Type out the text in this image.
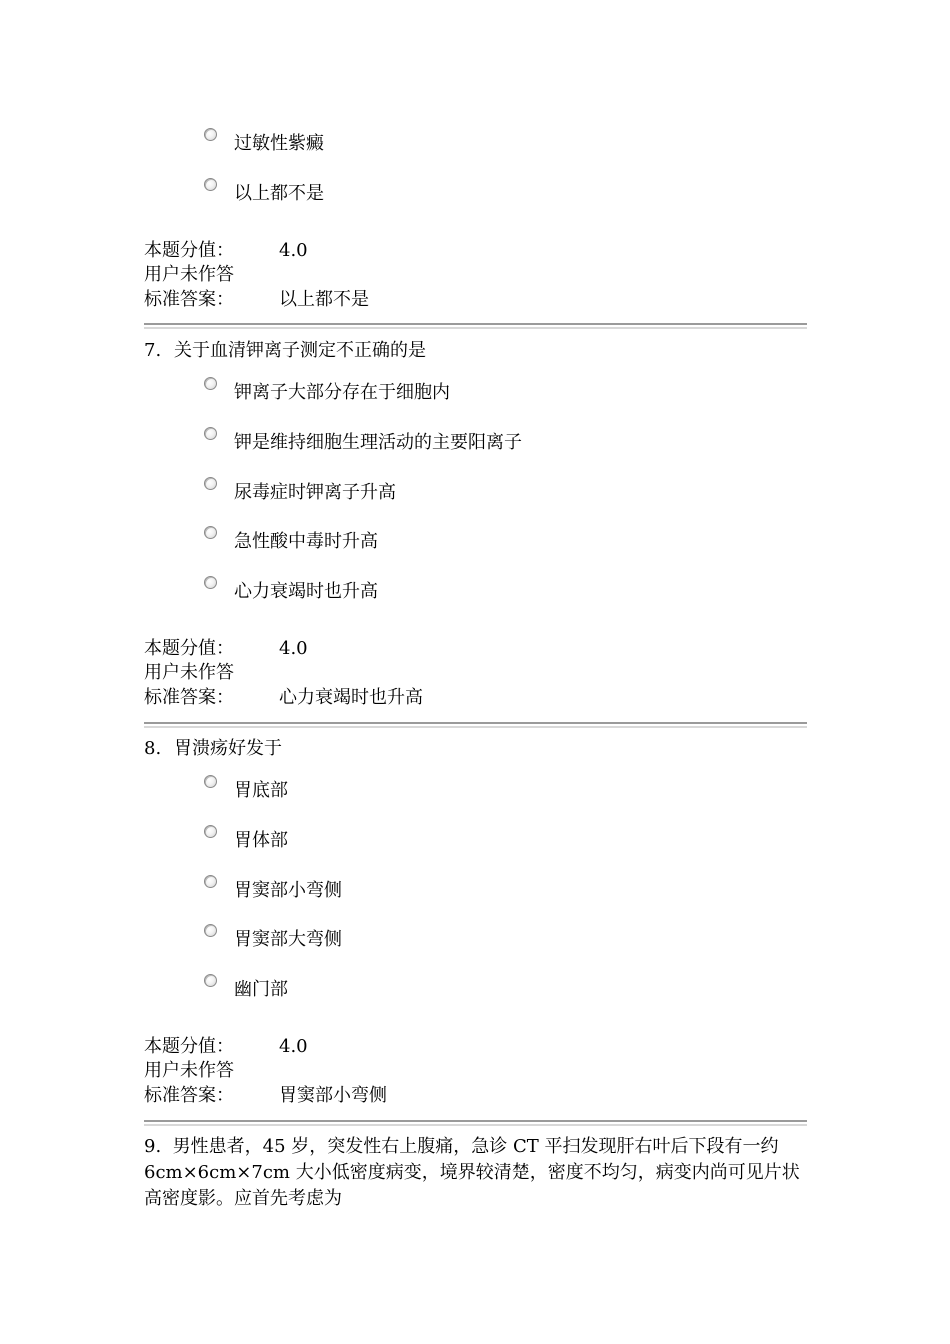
过敏性紫癜
以上都不是
本题分值：	4.0
用户未作答
标准答案：	以上都不是
7. 关于血清钾离子测定不正确的是
钾离子大部分存在于细胞内
钾是维持细胞生理活动的主要阳离子
尿毒症时钾离子升高
急性酸中毒时升高
心力衰竭时也升高
本题分值：	4.0
用户未作答
标准答案：	心力衰竭时也升高
8. 胃溃疡好发于
胃底部
胃体部
胃窦部小弯侧
胃窦部大弯侧
幽门部
本题分值：	4.0
用户未作答
标准答案：	胃窦部小弯侧
9. 男性患者，45 岁，突发性右上腹痛，急诊 CT 平扫发现肝右叶后下段有一约 6cm×6cm×7cm 大小低密度病变，境界较清楚，密度不均匀，病变内尚可见片状高密度影。应首先考虑为
